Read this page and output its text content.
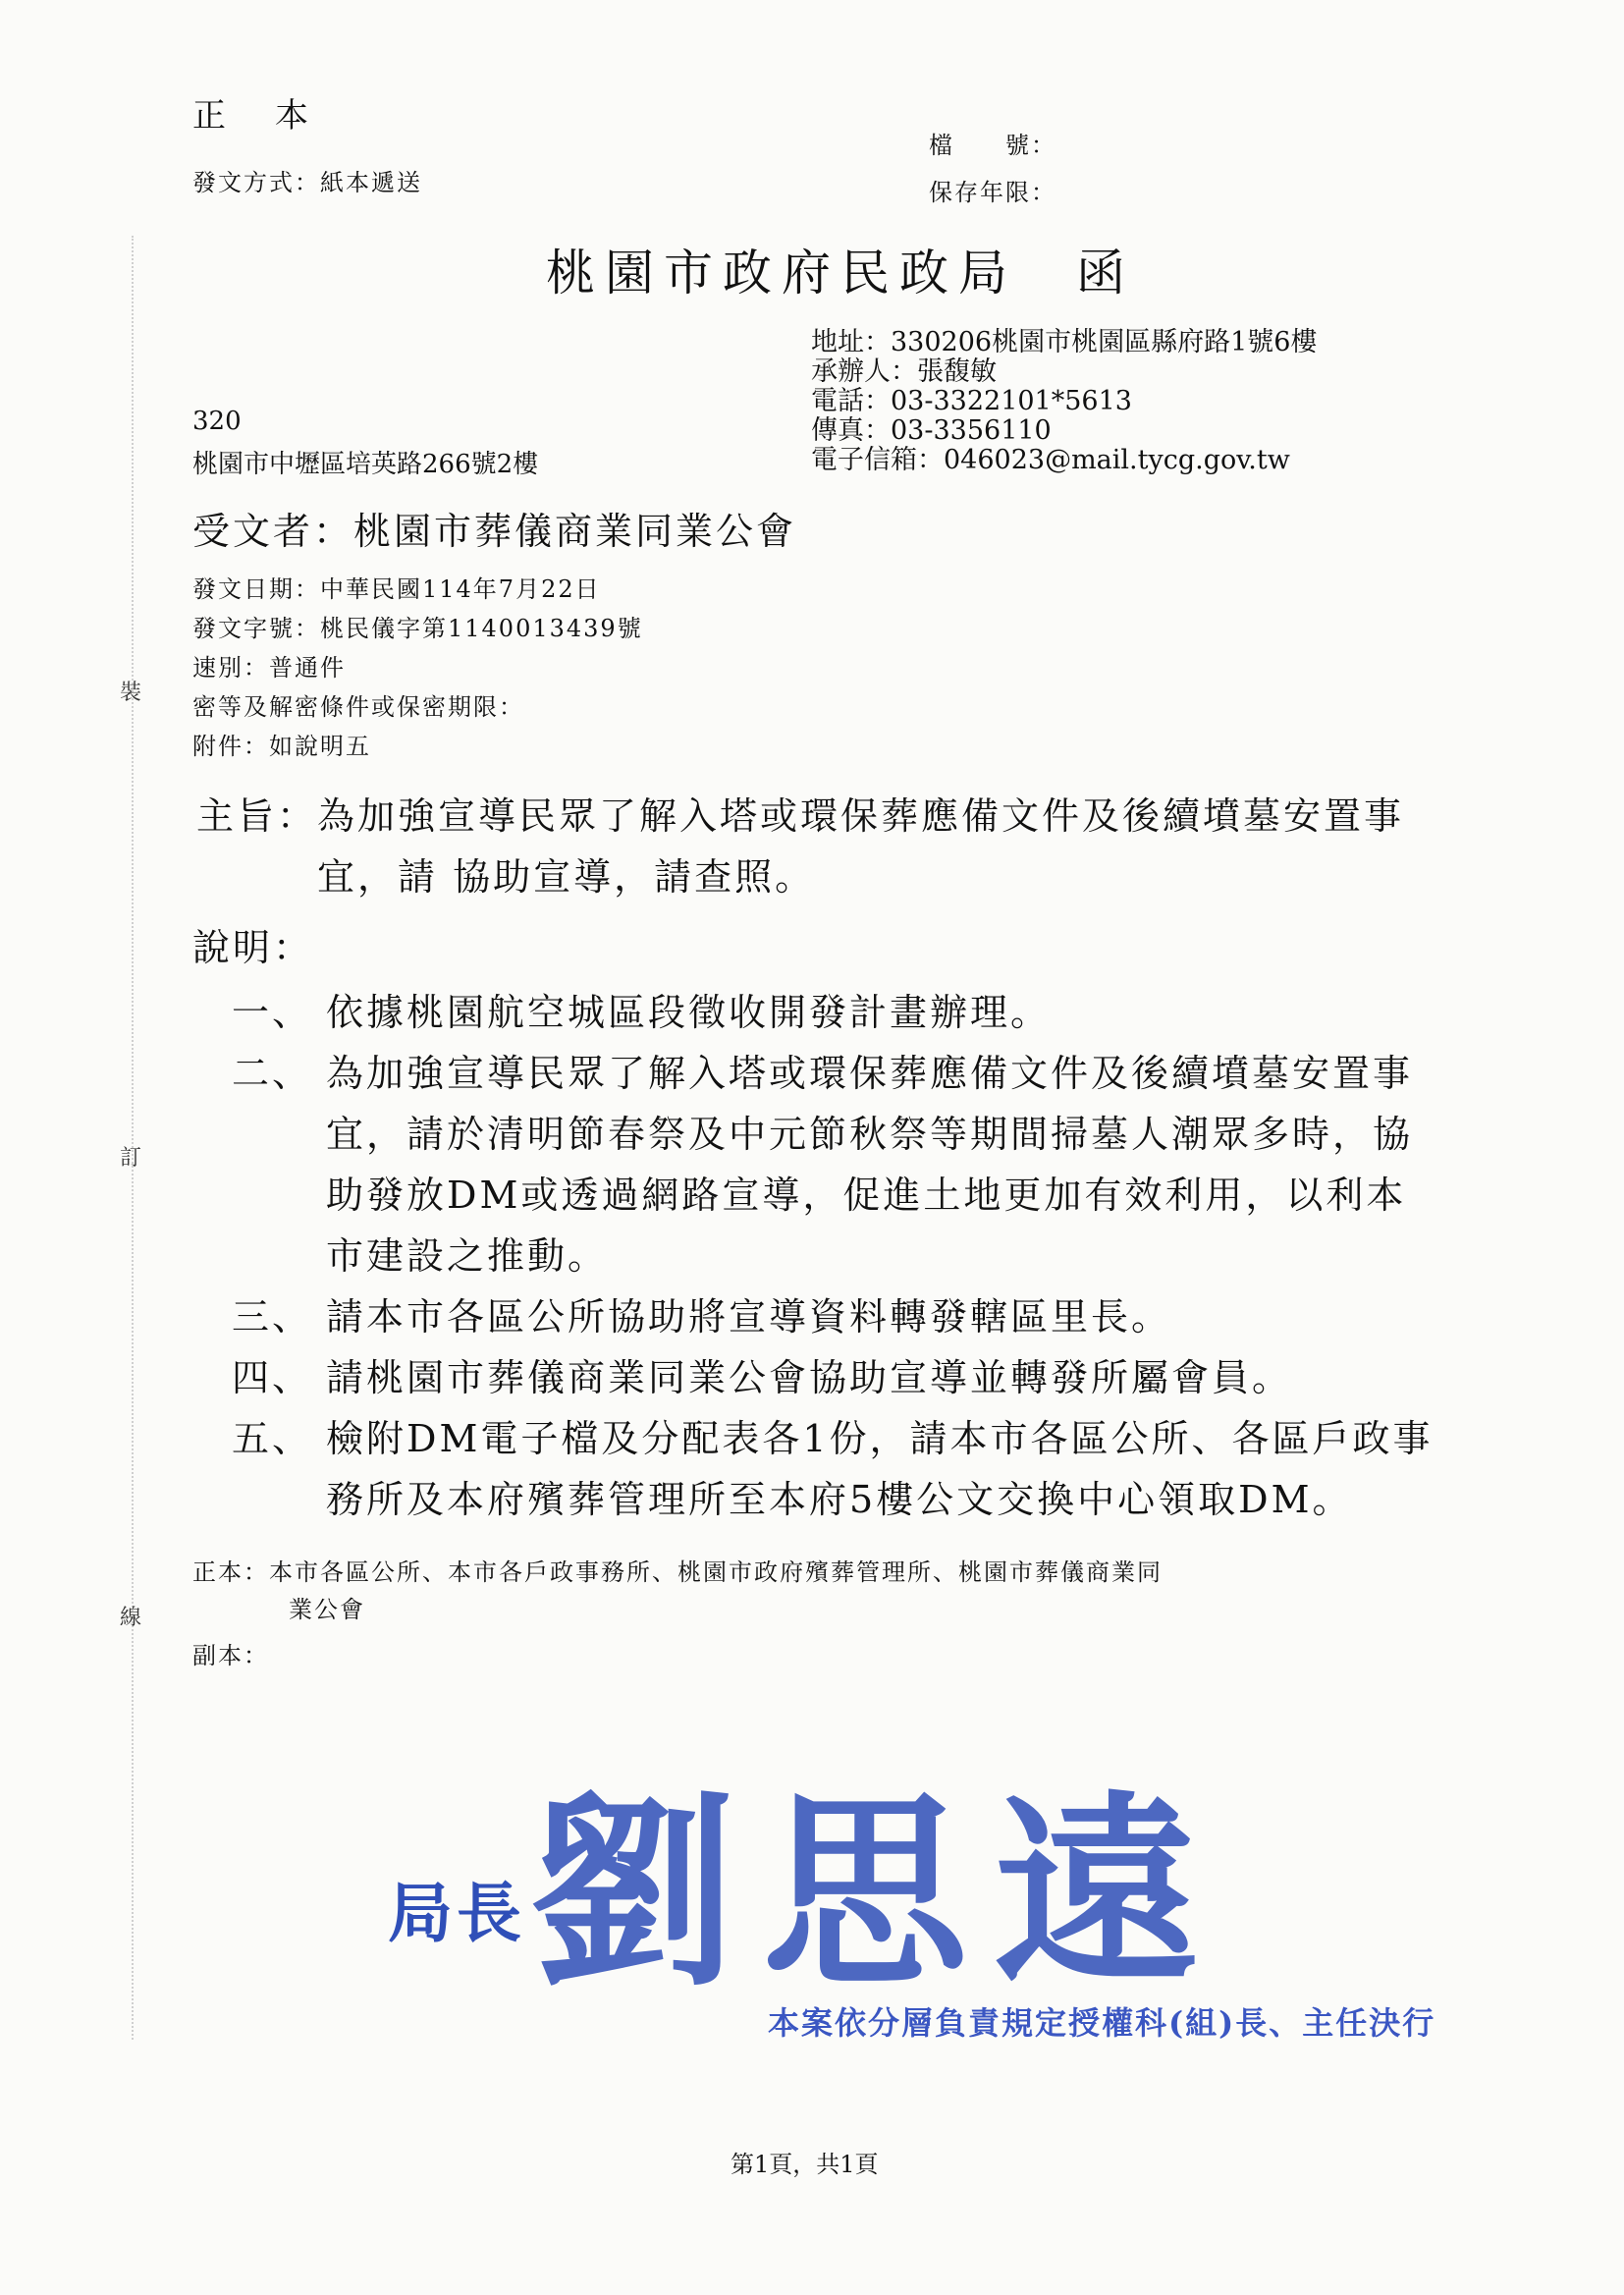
裝
訂
線
正　本
發文方式：紙本遞送
檔　　號：
保存年限：
桃園市政府民政局　函
地址：330206桃園市桃園區縣府路1號6樓
承辦人：張馥敏
電話：03-3322101*5613
傳真：03-3356110
電子信箱：046023@mail.tycg.gov.tw
320
桃園市中壢區培英路266號2樓
受文者：桃園市葬儀商業同業公會
發文日期：中華民國114年7月22日
發文字號：桃民儀字第1140013439號
速別：普通件
密等及解密條件或保密期限：
附件：如說明五
主旨： 為加強宣導民眾了解入塔或環保葬應備文件及後續墳墓安置事宜，請 協助宣導，請查照。
說明：
一、 依據桃園航空城區段徵收開發計畫辦理。
二、 為加強宣導民眾了解入塔或環保葬應備文件及後續墳墓安置事宜，請於清明節春祭及中元節秋祭等期間掃墓人潮眾多時，協助發放DM或透過網路宣導，促進土地更加有效利用，以利本市建設之推動。
三、 請本市各區公所協助將宣導資料轉發轄區里長。
四、 請桃園市葬儀商業同業公會協助宣導並轉發所屬會員。
五、 檢附DM電子檔及分配表各1份，請本市各區公所、各區戶政事務所及本府殯葬管理所至本府5樓公文交換中心領取DM。
正本：本市各區公所、本市各戶政事務所、桃園市政府殯葬管理所、桃園市葬儀商業同
業公會
副本：
局長 劉思遠
本案依分層負責規定授權科(組)長、主任決行
第1頁，共1頁
